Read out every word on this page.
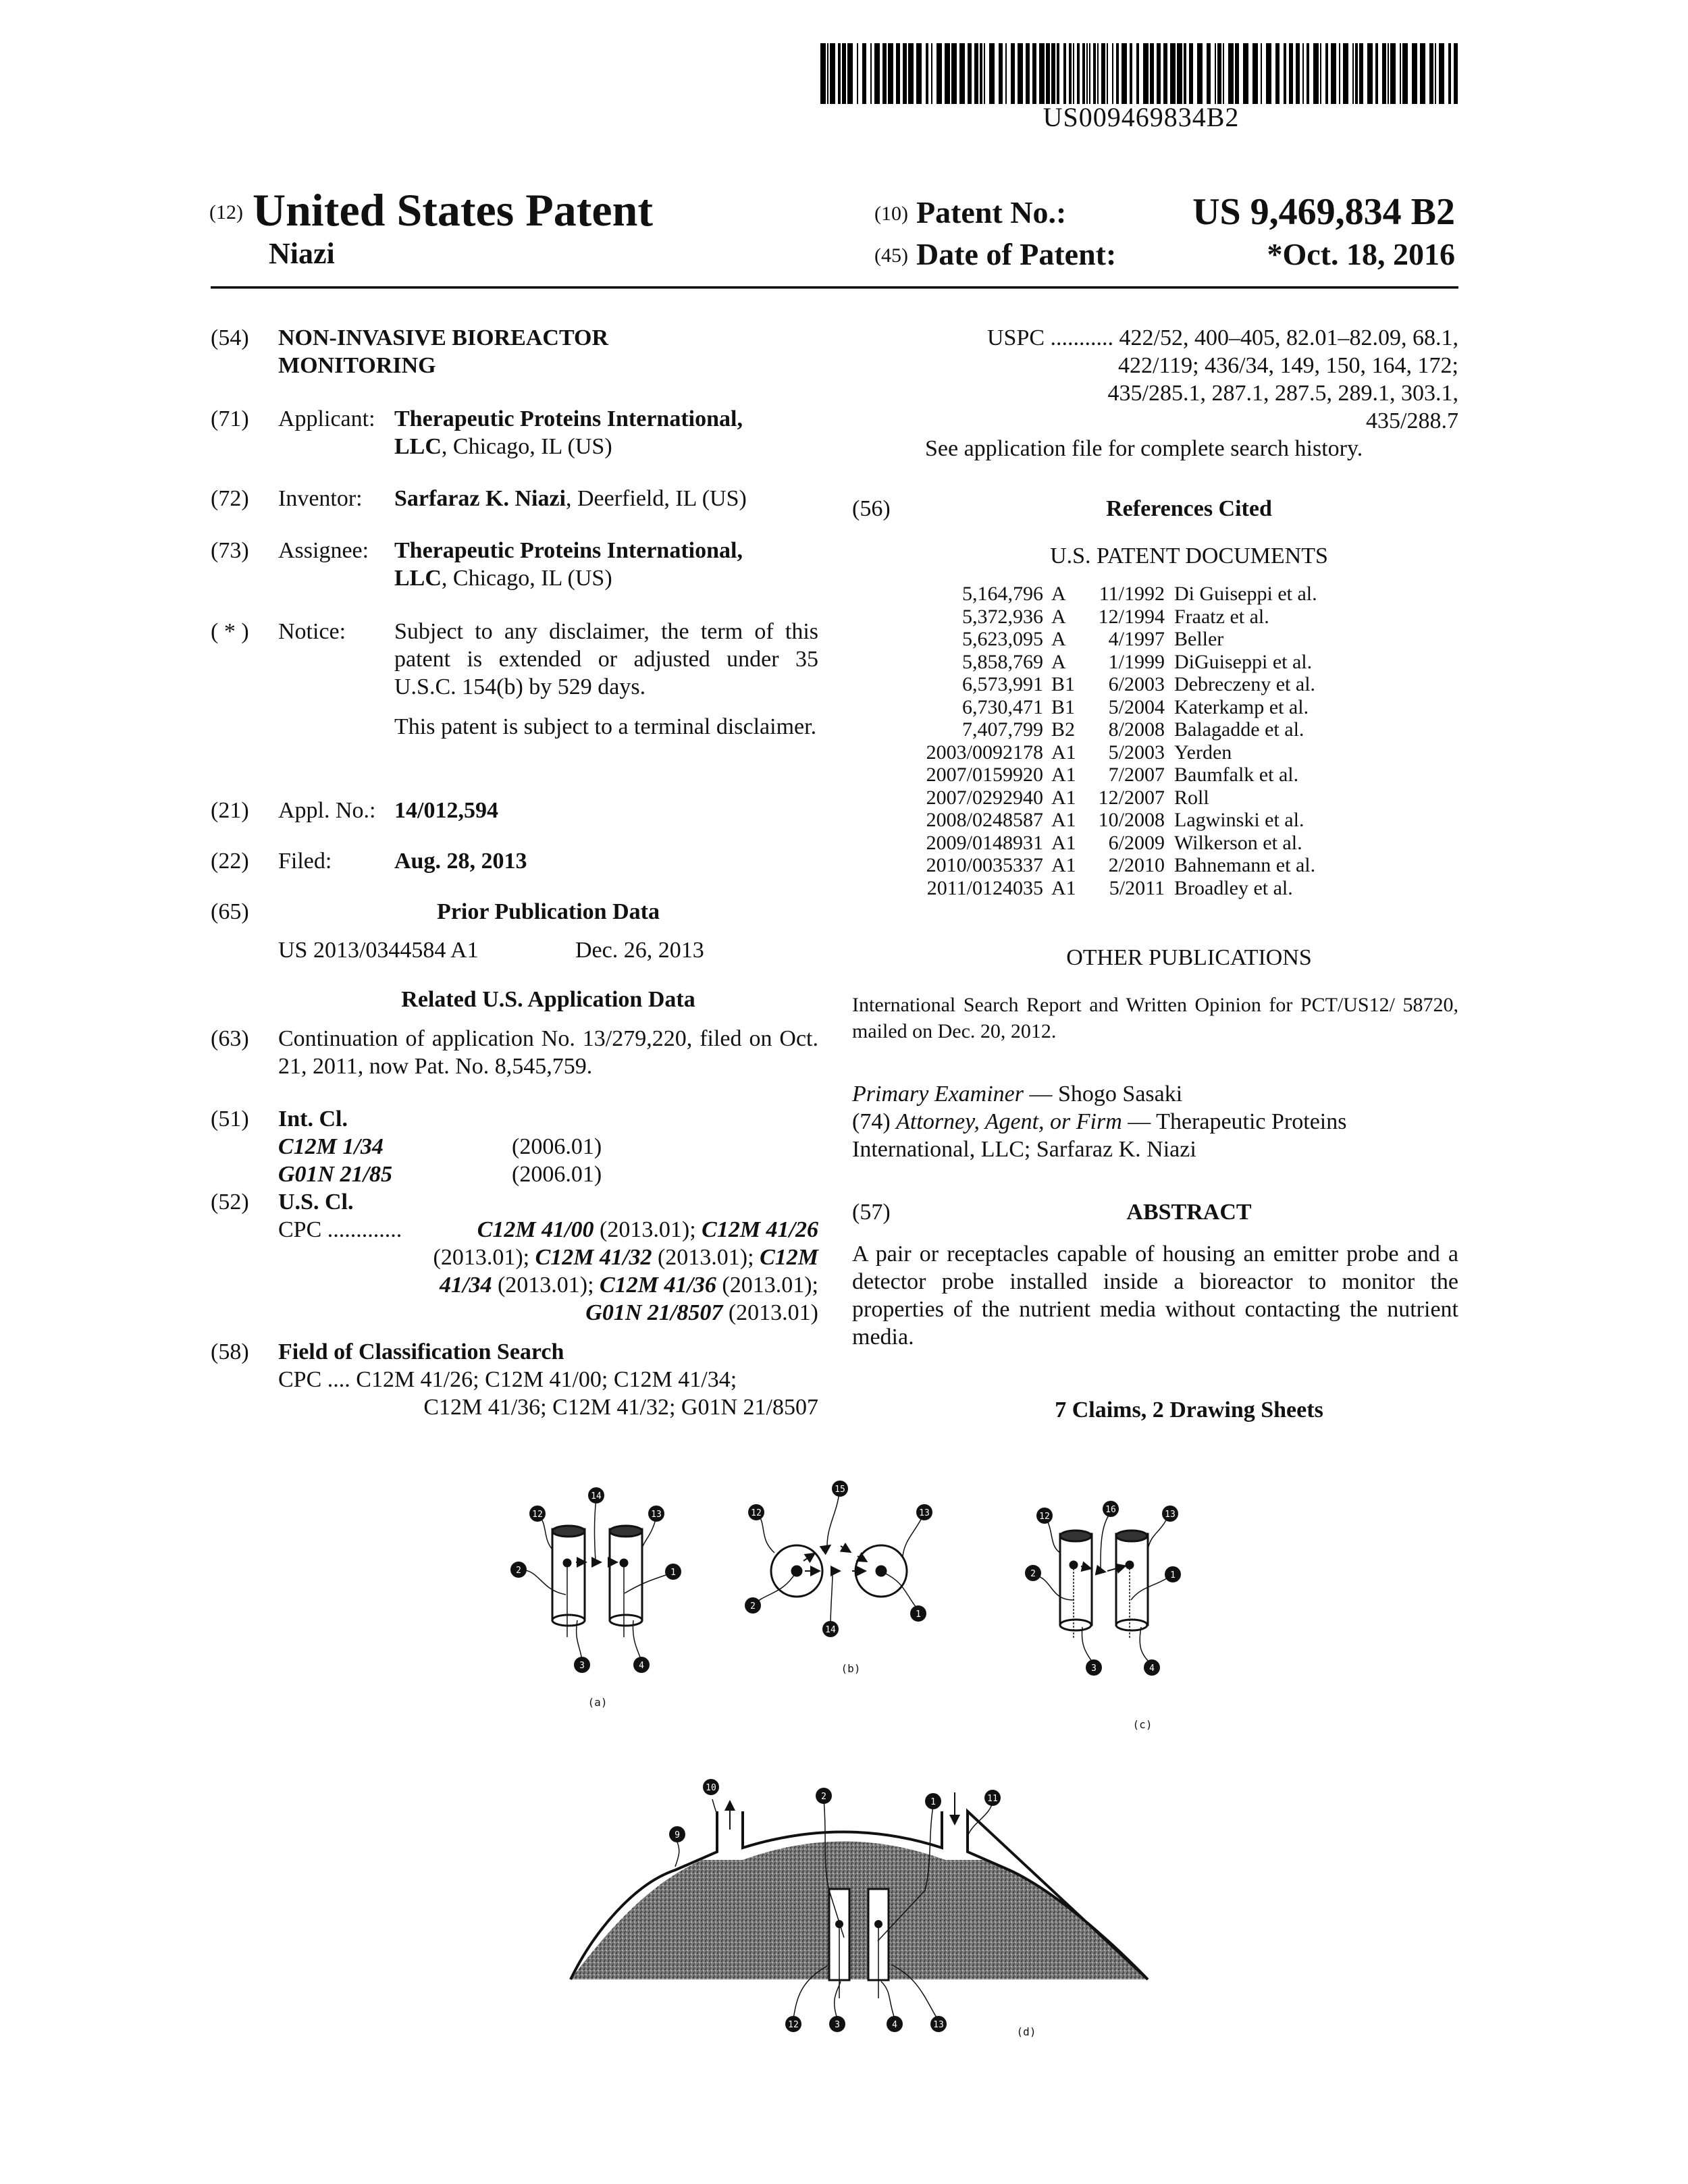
US009469834B2
(12) United States Patent
Niazi
(10) Patent No.:	US 9,469,834 B2
(45) Date of Patent:	*Oct. 18, 2016
(54) NON-INVASIVE BIOREACTOR
MONITORING
(71) Applicant: Therapeutic Proteins International,
LLC, Chicago, IL (US)
(72) Inventor: Sarfaraz K. Niazi, Deerfield, IL (US)
(73) Assignee: Therapeutic Proteins International,
LLC, Chicago, IL (US)
( * ) Notice: Subject to any disclaimer, the term of this patent is extended or adjusted under 35 U.S.C. 154(b) by 529 days.
This patent is subject to a terminal disclaimer.
(21) Appl. No.: 14/012,594
(22) Filed:	Aug. 28, 2013
(65)	Prior Publication Data
US 2013/0344584 A1	Dec. 26, 2013
Related U.S. Application Data
(63) Continuation of application No. 13/279,220, filed on Oct. 21, 2011, now Pat. No. 8,545,759.
(51) Int. Cl.
C12M 1/34	(2006.01)
G01N 21/85	(2006.01)
(52) U.S. Cl.
CPC .............	C12M 41/00 (2013.01); C12M 41/26
(2013.01); C12M 41/32 (2013.01); C12M
41/34 (2013.01); C12M 41/36 (2013.01);
G01N 21/8507 (2013.01)
(58) Field of Classification Search
CPC .... C12M 41/26; C12M 41/00; C12M 41/34;
C12M 41/36; C12M 41/32; G01N 21/8507
USPC ........... 422/52, 400–405, 82.01–82.09, 68.1,
422/119; 436/34, 149, 150, 164, 172;
435/285.1, 287.1, 287.5, 289.1, 303.1,
435/288.7
See application file for complete search history.
(56)	References Cited
U.S. PATENT DOCUMENTS
5,164,796 A 11/1992 Di Guiseppi et al.
5,372,936 A 12/1994 Fraatz et al.
5,623,095 A 4/1997 Beller
5,858,769 A 1/1999 DiGuiseppi et al.
6,573,991 B1 6/2003 Debreczeny et al.
6,730,471 B1 5/2004 Katerkamp et al.
7,407,799 B2 8/2008 Balagadde et al.
2003/0092178 A1 5/2003 Yerden
2007/0159920 A1 7/2007 Baumfalk et al.
2007/0292940 A1 12/2007 Roll
2008/0248587 A1 10/2008 Lagwinski et al.
2009/0148931 A1 6/2009 Wilkerson et al.
2010/0035337 A1 2/2010 Bahnemann et al.
2011/0124035 A1 5/2011 Broadley et al.
OTHER PUBLICATIONS
International Search Report and Written Opinion for PCT/US12/ 58720, mailed on Dec. 20, 2012.
Primary Examiner — Shogo Sasaki
(74) Attorney, Agent, or Firm — Therapeutic Proteins International, LLC; Sarfaraz K. Niazi
(57)	ABSTRACT
A pair or receptacles capable of housing an emitter probe and a detector probe installed inside a bioreactor to monitor the properties of the nutrient media without contacting the nutrient media.
7 Claims, 2 Drawing Sheets
12
14
13
2	1
3	4
(a)
15
12	13
2
14
1
(b)
12
16	13
2	1
3	4
(c)
10
2
1	11
9
12	3	4	13
(d)
